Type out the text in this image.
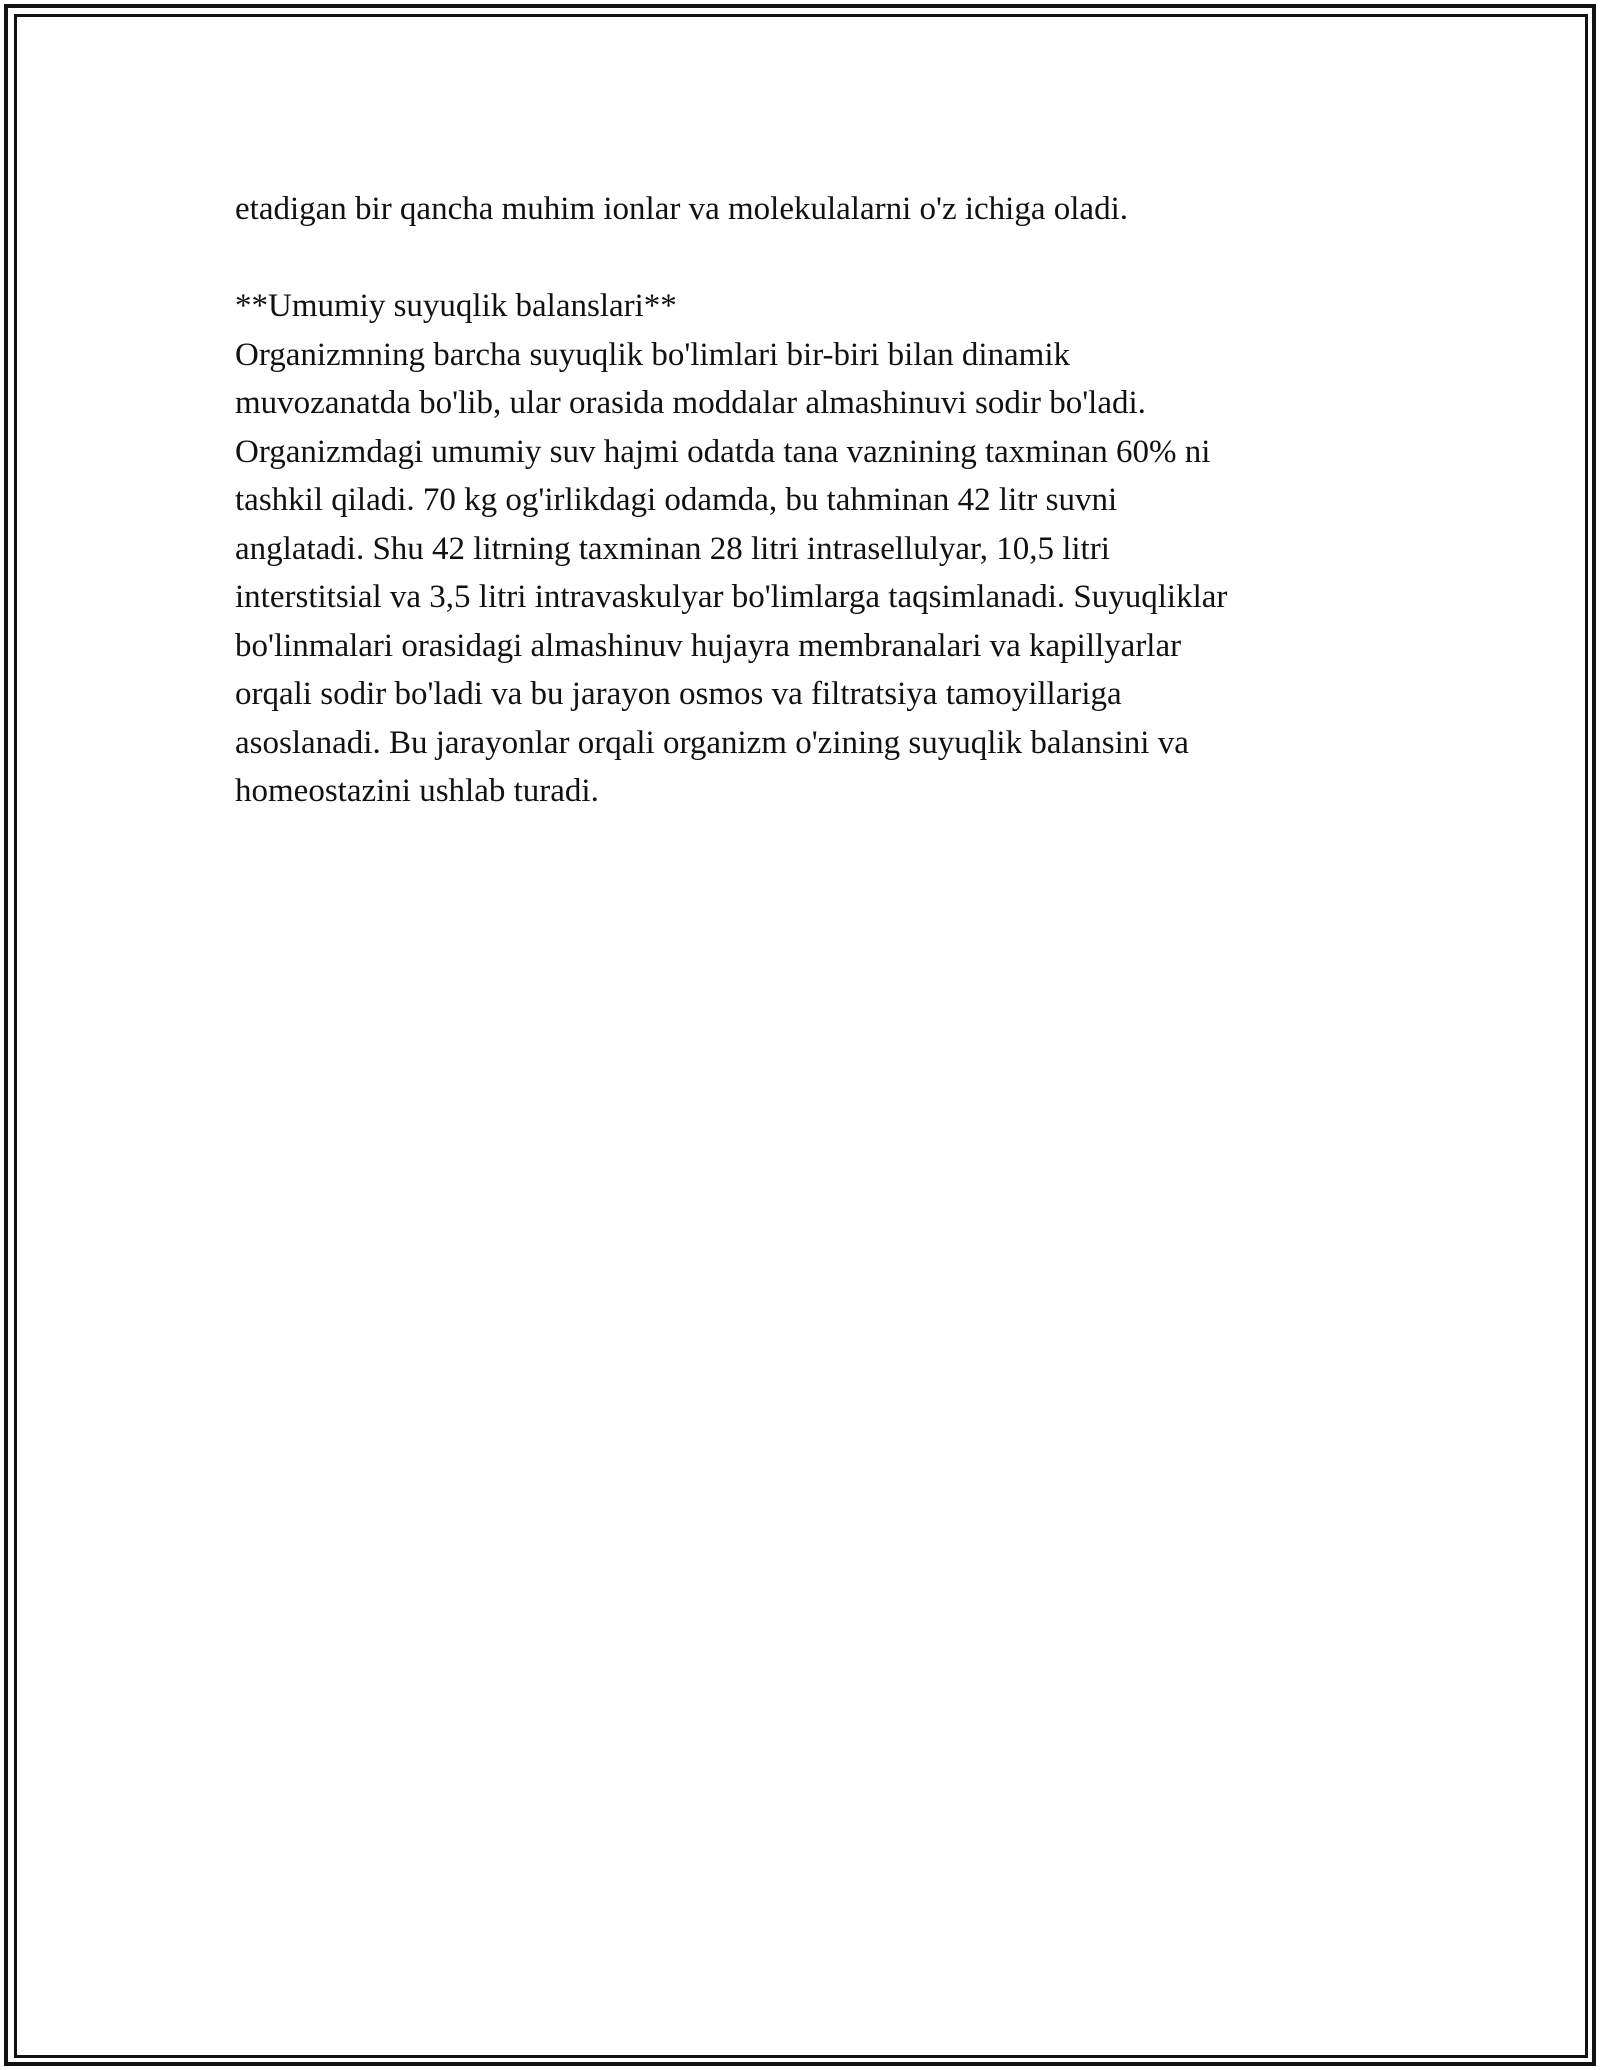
etadigan bir qancha muhim ionlar va molekulalarni o'z ichiga oladi.

**Umumiy suyuqlik balanslari**

Organizmning barcha suyuqlik bo'limlari bir-biri bilan dinamik

muvozanatda bo'lib, ular orasida moddalar almashinuvi sodir bo'ladi.

Organizmdagi umumiy suv hajmi odatda tana vaznining taxminan 60% ni

tashkil qiladi. 70 kg og'irlikdagi odamda, bu tahminan 42 litr suvni

anglatadi. Shu 42 litrning taxminan 28 litri intrasellulyar, 10,5 litri

interstitsial va 3,5 litri intravaskulyar bo'limlarga taqsimlanadi. Suyuqliklar

bo'linmalari orasidagi almashinuv hujayra membranalari va kapillyarlar

orqali sodir bo'ladi va bu jarayon osmos va filtratsiya tamoyillariga

asoslanadi. Bu jarayonlar orqali organizm o'zining suyuqlik balansini va

homeostazini ushlab turadi.
